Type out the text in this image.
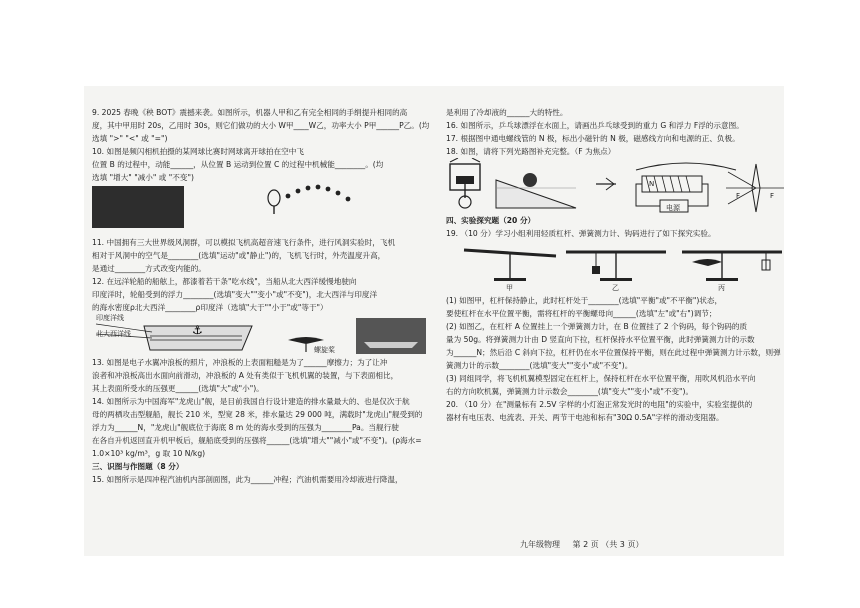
9. 2025 春晚《秧 BOT》震撼来袭。如图所示，机器人甲和乙有完全相同的手绢提升相同的高

度，其中甲用时 20s，乙用时 30s，则它们做功的大小 W甲____W乙，功率大小 P甲______P乙。(均

选填 ">" "<" 或 "=")

10. 如图是频闪相机拍摄的某网球比赛时网球离开球拍在空中飞

位置 B 的过程中，动能______，从位置 B 运动到位置 C 的过程中机械能________。(均

选填 "增大" "减小" 或 "不变")

11. 中国拥有三大世界级风洞群，可以模拟飞机高超音速飞行条件，进行风洞实验时，飞机

相对于风洞中的空气是________(选填"运动"或"静止")的，飞机飞行时，外壳温度升高，

是通过________方式改变内能的。

12. 在远洋轮船的船舷上，都漆着若干条"吃水线"，当船从北大西洋缓慢地驶向

印度洋时，轮船受到的浮力________(选填"变大""变小"或"不变")，北大西洋与印度洋

的海水密度ρ北大西洋________ρ印度洋（选填"大于""小于"或"等于"）

⚓
印度洋线
北大西洋线
螺旋桨

13. 如图是电子水翼冲浪板的照片，冲浪板的上表面粗糙是为了______摩擦力；为了让冲

浪者和冲浪板高出水面向前滑动，冲浪板的 A 处有类似于飞机机翼的装置，与下表面相比，

其上表面所受水的压强更______(选填"大"或"小")。

14. 如图所示为中国海军"龙虎山"舰，是目前我国自行设计建造的排水量最大的、也是仅次于航

母的两栖攻击型舰船，舰长 210 米，型宽 28 米，排水量达 29 000 吨，满载时"龙虎山"舰受到的

浮力为______N，"龙虎山"舰底位于海底 8 m 处的海水受到的压强为________Pa。当舰行驶

在各自升机返回直升机甲板后，舰船底受到的压强将______(选填"增大""减小"或"不变")。(ρ海水=

1.0×10³ kg/m³，g 取 10 N/kg)

三、识图与作图题（8 分）

15. 如图所示是四冲程汽油机内部剖面图，此为______冲程；汽油机需要用冷却液进行降温，

是利用了冷却液的______大的特性。

16. 如图所示，乒乓球漂浮在水面上，请画出乒乓球受到的重力 G 和浮力 F浮的示意图。

17. 根据图中通电螺线管的 N 极，标出小磁针的 N 极，磁感线方向和电源的正、负极。

18. 如图，请将下列光路图补充完整。（F 为焦点）

N
电源
F	F

四、实验探究题（20 分）

19. （10 分）学习小组利用轻质杠杆、弹簧测力计、钩码进行了如下探究实验。

甲	乙	丙

(1) 如图甲，杠杆保持静止，此时杠杆处于________(选填"平衡"或"不平衡")状态，

要使杠杆在水平位置平衡，需将杠杆的平衡螺母向______(选填"左"或"右")调节；

(2) 如图乙，在杠杆 A 位置挂上一个弹簧测力计，在 B 位置挂了 2 个钩码，每个钩码的质

量为 50g。将弹簧测力计由 D 竖直向下拉，杠杆保持水平位置平衡，此时弹簧测力计的示数

为______N；然后沿 C 斜向下拉，杠杆仍在水平位置保持平衡，则在此过程中弹簧测力计示数，则弹

簧测力计的示数________(选填"变大""变小"或"不变")。

(3) 同组同学，将飞机机翼模型固定在杠杆上，保持杠杆在水平位置平衡，用吹风机沿水平向

右的方向吹机翼，弹簧测力计示数会________(填"变大""变小"或"不变")。

20. （10 分）在"测量标有 2.5V 字样的小灯泡正常发光时的电阻"的实验中，实验室提供的

器材有电压表、电流表、开关、两节干电池和标有"30Ω 0.5A"字样的滑动变阻器。

九年级物理 第 2 页 （共 3 页）
